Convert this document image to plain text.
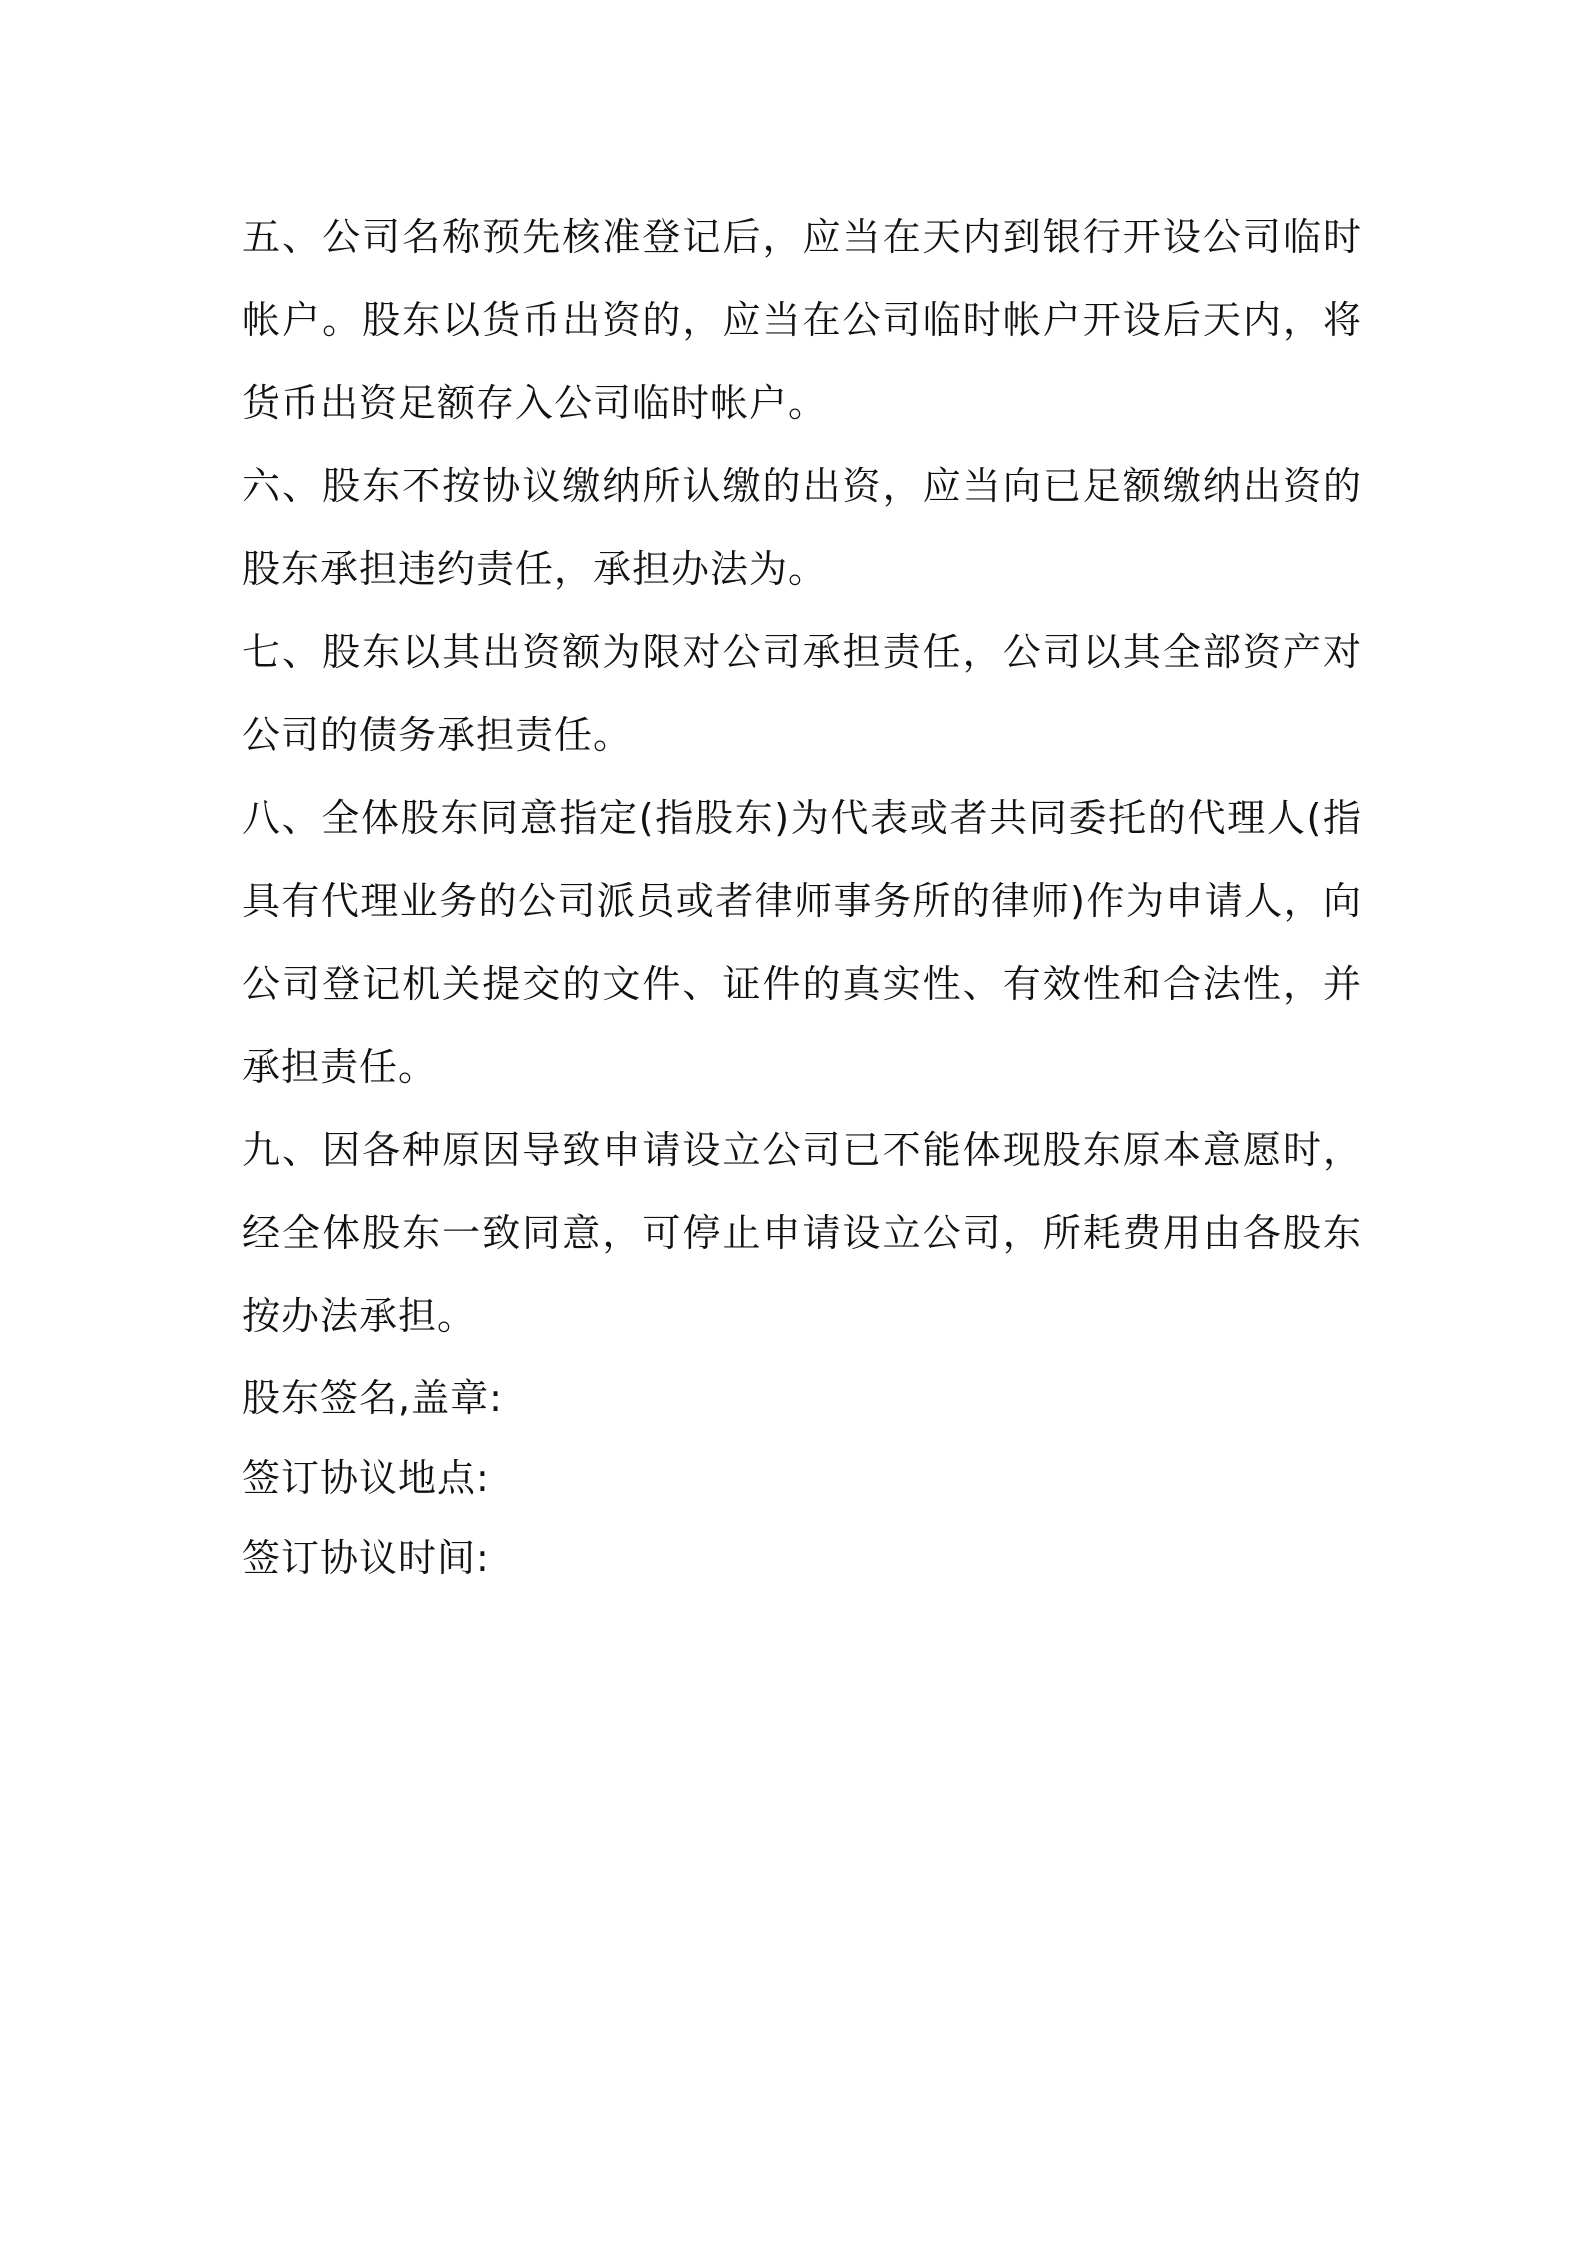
五、公司名称预先核准登记后，应当在天内到银行开设公司临时帐户。股东以货币出资的，应当在公司临时帐户开设后天内，将货币出资足额存入公司临时帐户。

六、股东不按协议缴纳所认缴的出资，应当向已足额缴纳出资的股东承担违约责任，承担办法为。

七、股东以其出资额为限对公司承担责任，公司以其全部资产对公司的债务承担责任。

八、全体股东同意指定(指股东)为代表或者共同委托的代理人(指具有代理业务的公司派员或者律师事务所的律师)作为申请人，向公司登记机关提交的文件、证件的真实性、有效性和合法性，并承担责任。

九、因各种原因导致申请设立公司已不能体现股东原本意愿时，经全体股东一致同意，可停止申请设立公司，所耗费用由各股东按办法承担。

股东签名,盖章:

签订协议地点:

签订协议时间:
